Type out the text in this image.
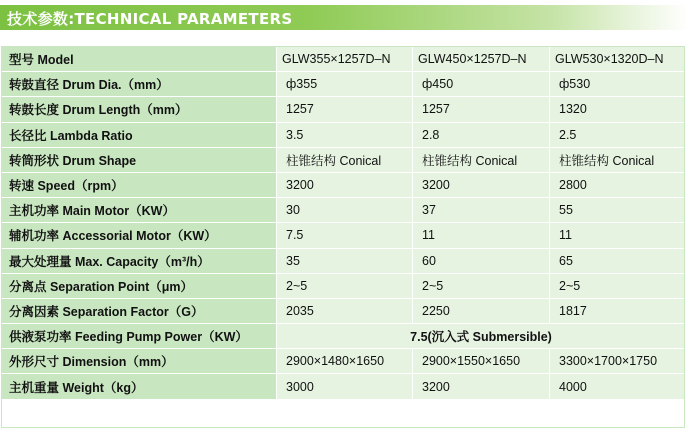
技术参数:TECHNICAL PARAMETERS
型号 Model	GLW355×1257D–N	GLW450×1257D–N	GLW530×1320D–N
转鼓直径 Drum Dia.（mm）	ф355	ф450	ф530
转鼓长度 Drum Length（mm）	1257	1257	1320
长径比 Lambda Ratio	3.5	2.8	2.5
转筒形状 Drum Shape	柱锥结构 Conical	柱锥结构 Conical	柱锥结构 Conical
转速 Speed（rpm）	3200	3200	2800
主机功率 Main Motor（KW）	30	37	55
辅机功率 Accessorial Motor（KW）	7.5	11	11
最大处理量 Max. Capacity（m³/h）	35	60	65
分离点 Separation Point（μm）	2~5	2~5	2~5
分离因素 Separation Factor（G）	2035	2250	1817
供液泵功率 Feeding Pump Power（KW）	7.5(沉入式 Submersible)		
外形尺寸 Dimension（mm）	2900×1480×1650	2900×1550×1650	3300×1700×1750
主机重量 Weight（kg）	3000	3200	4000
